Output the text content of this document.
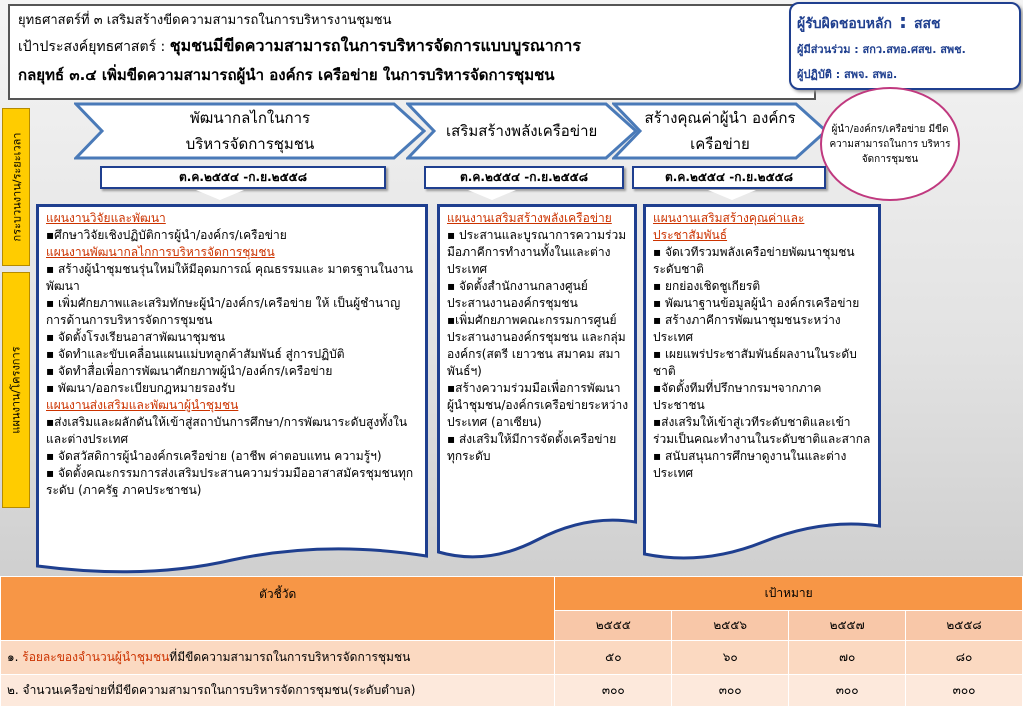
ยุทธศาสตร์ที่ ๓ เสริมสร้างขีดความสามารถในการบริหารงานชุมชน
เป้าประสงค์ยุทธศาสตร์ : ชุมชนมีขีดความสามารถในการบริหารจัดการแบบบูรณาการ
กลยุทธ์ ๓.๔ เพิ่มขีดความสามารถผู้นำ องค์กร เครือข่าย ในการบริหารจัดการชุมชน
ผู้รับผิดชอบหลัก : สสช
ผู้มีส่วนร่วม : สกว.สทอ.ศสข. สพช.
ผู้ปฏิบัติ : สพจ. สพอ.
กระบวนงาน/ระยะเวลา
แผนงาน/โครงการ
พัฒนากลไกในการ
บริหารจัดการชุมชน
เสริมสร้างพลังเครือข่าย
สร้างคุณค่าผู้นำ องค์กร
เครือข่าย
ผู้นำ/องค์กร/เครือข่าย มีขีดความสามารถในการ บริหารจัดการชุมชน
ต.ค.๒๕๕๔ -ก.ย.๒๕๕๘	ต.ค.๒๕๕๔ -ก.ย.๒๕๕๘	ต.ค.๒๕๕๔ -ก.ย.๒๕๕๘
แผนงานวิจัยและพัฒนา
▪ศึกษาวิจัยเชิงปฏิบัติการผู้นำ/องค์กร/เครือข่าย
แผนงานพัฒนากลไกการบริหารจัดการชุมชน
▪ สร้างผู้นำชุมชนรุ่นใหม่ให้มีอุดมการณ์ คุณธรรมและ มาตรฐานในงานพัฒนา
▪ เพิ่มศักยภาพและเสริมทักษะผู้นำ/องค์กร/เครือข่าย ให้ เป็นผู้ชำนาญการด้านการบริหารจัดการชุมชน
▪ จัดตั้งโรงเรียนอาสาพัฒนาชุมชน
▪ จัดทำและขับเคลื่อนแผนแม่บทลูกค้าสัมพันธ์ สู่การปฏิบัติ
▪ จัดทำสื่อเพื่อการพัฒนาศักยภาพผู้นำ/องค์กร/เครือข่าย
▪ พัฒนา/ออกระเบียบกฎหมายรองรับ
แผนงานส่งเสริมและพัฒนาผู้นำชุมชน
▪ส่งเสริมและผลักดันให้เข้าสู่สถาบันการศึกษา/การพัฒนาระดับสูงทั้งในและต่างประเทศ
▪ จัดสวัสดิการผู้นำองค์กรเครือข่าย (อาชีพ ค่าตอบแทน ความรู้ฯ)
▪ จัดตั้งคณะกรรมการส่งเสริมประสานความร่วมมืออาสาสมัครชุมชนทุกระดับ (ภาครัฐ ภาคประชาชน)
แผนงานเสริมสร้างพลังเครือข่าย
▪ ประสานและบูรณาการความร่วมมือภาคีการทำงานทั้งในและต่างประเทศ
▪ จัดตั้งสำนักงานกลางศูนย์ประสานงานองค์กรชุมชน
▪เพิ่มศักยภาพคณะกรรมการศูนย์ประสานงานองค์กรชุมชน และกลุ่มองค์กร(สตรี เยาวชน สมาคม สมาพันธ์ฯ)
▪สร้างความร่วมมือเพื่อการพัฒนาผู้นำชุมชน/องค์กรเครือข่ายระหว่างประเทศ (อาเซียน)
▪ ส่งเสริมให้มีการจัดตั้งเครือข่ายทุกระดับ
แผนงานเสริมสร้างคุณค่าและประชาสัมพันธ์
▪ จัดเวทีรวมพลังเครือข่ายพัฒนาชุมชนระดับชาติ
▪ ยกย่องเชิดชูเกียรติ
▪ พัฒนาฐานข้อมูลผู้นำ องค์กรเครือข่าย
▪ สร้างภาคีการพัฒนาชุมชนระหว่างประเทศ
▪ เผยแพร่ประชาสัมพันธ์ผลงานในระดับชาติ
▪จัดตั้งทีมที่ปรึกษากรมฯจากภาคประชาชน
▪ส่งเสริมให้เข้าสู่เวทีระดับชาติและเข้าร่วมเป็นคณะทำงานในระดับชาติและสากล
▪ สนับสนุนการศึกษาดูงานในและต่างประเทศ
ตัวชี้วัด	เป้าหมาย			
	๒๕๕๕	๒๕๕๖	๒๕๕๗	๒๕๕๘
๑. ร้อยละของจำนวนผู้นำชุมชนที่มีขีดความสามารถในการบริหารจัดการชุมชน	๕๐	๖๐	๗๐	๘๐
๒. จำนวนเครือข่ายที่มีขีดความสามารถในการบริหารจัดการชุมชน(ระดับตำบล)	๓๐๐	๓๐๐	๓๐๐	๓๐๐
